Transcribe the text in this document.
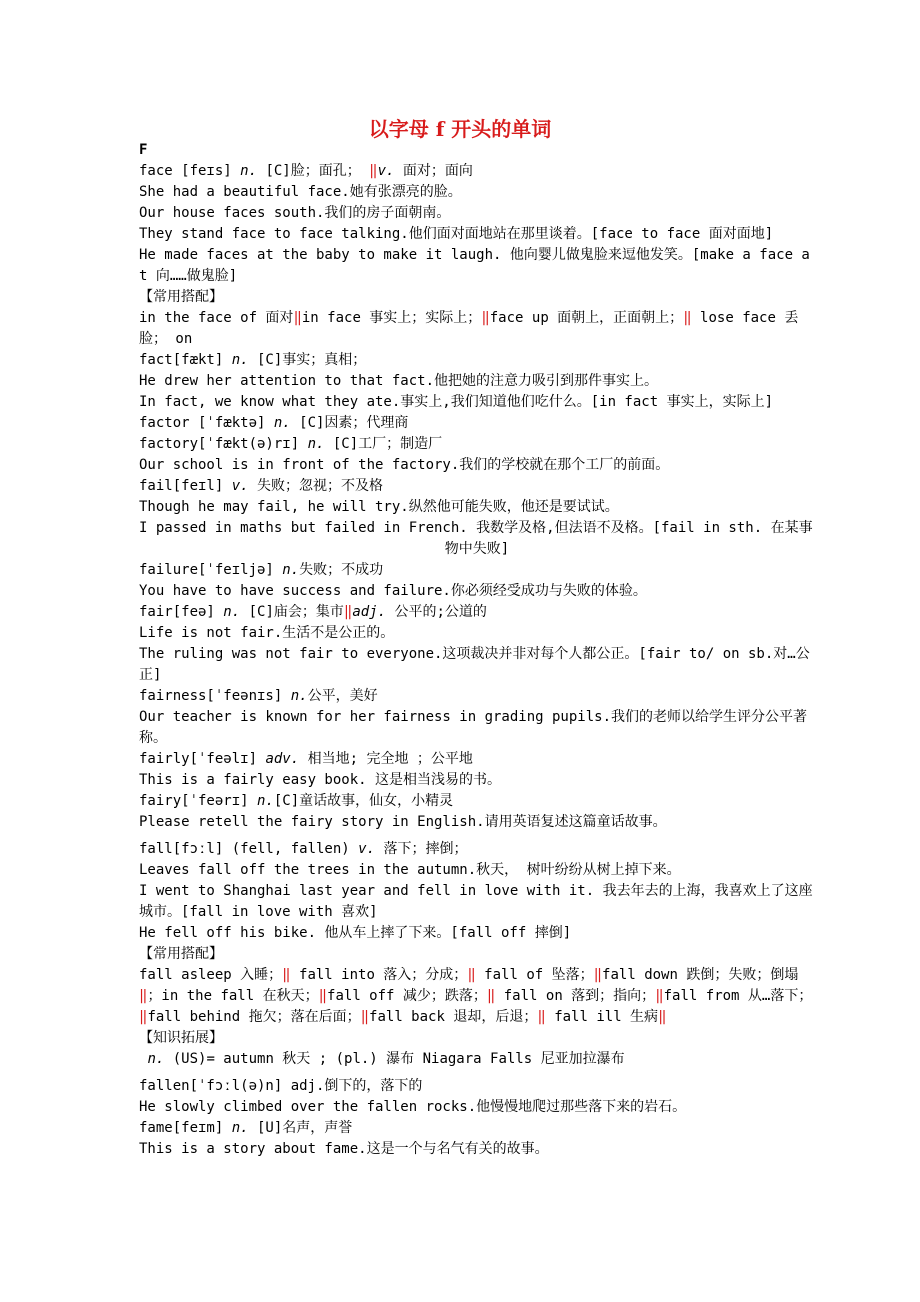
以字母 f 开头的单词
F
face [feɪs] n. [C]脸；面孔； ‖v. 面对；面向
She had a beautiful face.她有张漂亮的脸。
Our house faces south.我们的房子面朝南。
They stand face to face talking.他们面对面地站在那里谈着。[face to face 面对面地]
He made faces at the baby to make it laugh. 他向婴儿做鬼脸来逗他发笑。[make a face at 向……做鬼脸]
【常用搭配】
in the face of 面对‖in face 事实上；实际上；‖face up 面朝上，正面朝上；‖ lose face 丢脸； on
fact[fækt] n. [C]事实；真相；
He drew her attention to that fact.他把她的注意力吸引到那件事实上。
In fact, we know what they ate.事实上,我们知道他们吃什么。[in fact 事实上，实际上]
factor [ˈfæktə] n. [C]因素；代理商
factory[ˈfækt(ə)rɪ] n. [C]工厂；制造厂
Our school is in front of the factory.我们的学校就在那个工厂的前面。
fail[feɪl] v. 失败；忽视；不及格
Though he may fail, he will try.纵然他可能失败，他还是要试试。
I passed in maths but failed in French. 我数学及格,但法语不及格。[fail in sth. 在某事
物中失败]
failure[ˈfeɪljə] n.失败；不成功
You have to have success and failure.你必须经受成功与失败的体验。
fair[feə] n. [C]庙会；集市‖adj. 公平的;公道的
Life is not fair.生活不是公正的。
The ruling was not fair to everyone.这项裁决并非对每个人都公正。[fair to/ on sb.对…公正]
fairness[ˈfeənɪs] n.公平，美好
Our teacher is known for her fairness in grading pupils.我们的老师以给学生评分公平著称。
fairly[ˈfeəlɪ] adv. 相当地; 完全地 ；公平地
This is a fairly easy book. 这是相当浅易的书。
fairy[ˈfeərɪ] n.[C]童话故事，仙女，小精灵
Please retell the fairy story in English.请用英语复述这篇童话故事。
fall[fɔːl] (fell, fallen) v. 落下；摔倒；
Leaves fall off the trees in the autumn.秋天， 树叶纷纷从树上掉下来。
I went to Shanghai last year and fell in love with it. 我去年去的上海，我喜欢上了这座城市。[fall in love with 喜欢]
He fell off his bike. 他从车上摔了下来。[fall off 摔倒]
【常用搭配】
fall asleep 入睡；‖ fall into 落入；分成；‖ fall of 坠落；‖fall down 跌倒；失败；倒塌‖；in the fall 在秋天；‖fall off 减少；跌落；‖ fall on 落到；指向；‖fall from 从…落下；‖fall behind 拖欠；落在后面；‖fall back 退却，后退；‖ fall ill 生病‖
【知识拓展】
n. (US)= autumn 秋天 ; (pl.) 瀑布 Niagara Falls 尼亚加拉瀑布
fallen[ˈfɔːl(ə)n] adj.倒下的，落下的
He slowly climbed over the fallen rocks.他慢慢地爬过那些落下来的岩石。
fame[feɪm] n. [U]名声，声誉
This is a story about fame.这是一个与名气有关的故事。
